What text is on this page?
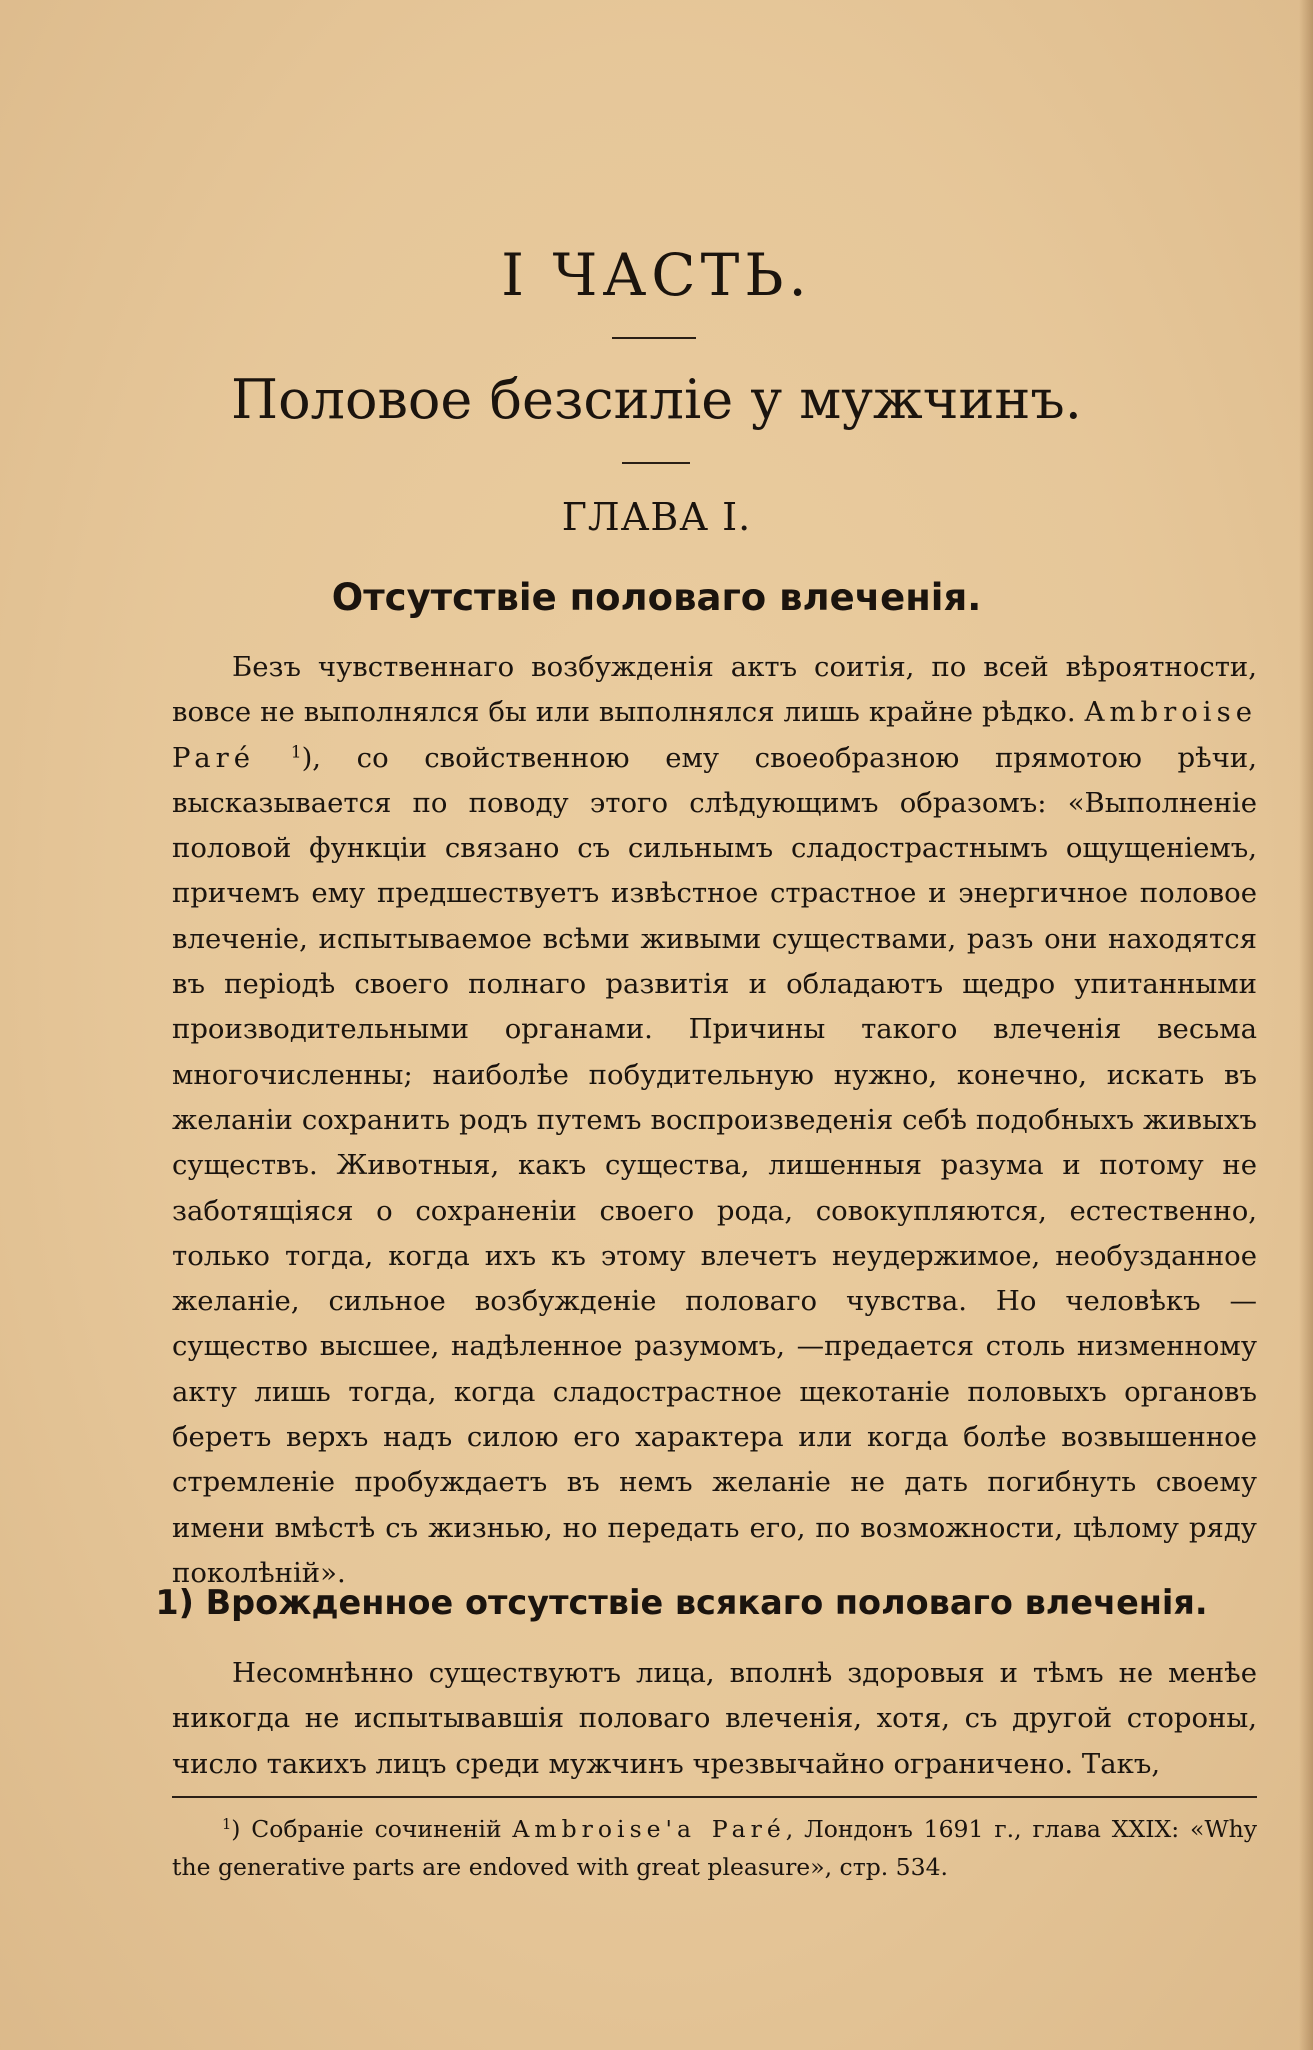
I ЧАСТЬ.
Половое безсиліе у мужчинъ.
ГЛАВА I.
Отсутствіе половаго влеченія.

Безъ чувственнаго возбужденія актъ соитія, по всей вѣроятности, вовсе не выполнялся бы или выполнялся лишь крайне рѣдко. Ambroise Paré $^1$), со свойственною ему своеобразною прямотою рѣчи, высказывается по поводу этого слѣдующимъ образомъ: «Выполненіе половой функціи связано съ сильнымъ сладострастнымъ ощущеніемъ, причемъ ему предшествуетъ извѣстное страстное и энергичное половое влеченіе, испытываемое всѣми живыми существами, разъ они находятся въ періодѣ своего полнаго развитія и обладаютъ щедро упитанными производительными органами. Причины такого влеченія весьма многочисленны; наиболѣе побудительную нужно, конечно, искать въ желаніи сохранить родъ путемъ воспроизведенія себѣ подобныхъ живыхъ существъ. Животныя, какъ существа, лишенныя разума и потому не заботящіяся о сохраненіи своего рода, совокупляются, естественно, только тогда, когда ихъ къ этому влечетъ неудержимое, необузданное желаніе, сильное возбужденіе половаго чувства. Но человѣкъ — существо высшее, надѣленное разумомъ, —предается столь низменному акту лишь тогда, когда сладострастное щекотаніе половыхъ органовъ беретъ верхъ надъ силою его характера или когда болѣе возвышенное стремленіе пробуждаетъ въ немъ желаніе не дать погибнуть своему имени вмѣстѣ съ жизнью, но передать его, по возможности, цѣлому ряду поколѣній».

1) Врожденное отсутствіе всякаго половаго влеченія.

Несомнѣнно существуютъ лица, вполнѣ здоровыя и тѣмъ не менѣе никогда не испытывавшія половаго влеченія, хотя, съ другой стороны, число такихъ лицъ среди мужчинъ чрезвычайно ограничено. Такъ,

$^1$) Собраніе сочиненій Ambroise'a Paré, Лондонъ 1691 г., глава XXIX: «Why the generative parts are endoved with great pleasure», стр. 534.
